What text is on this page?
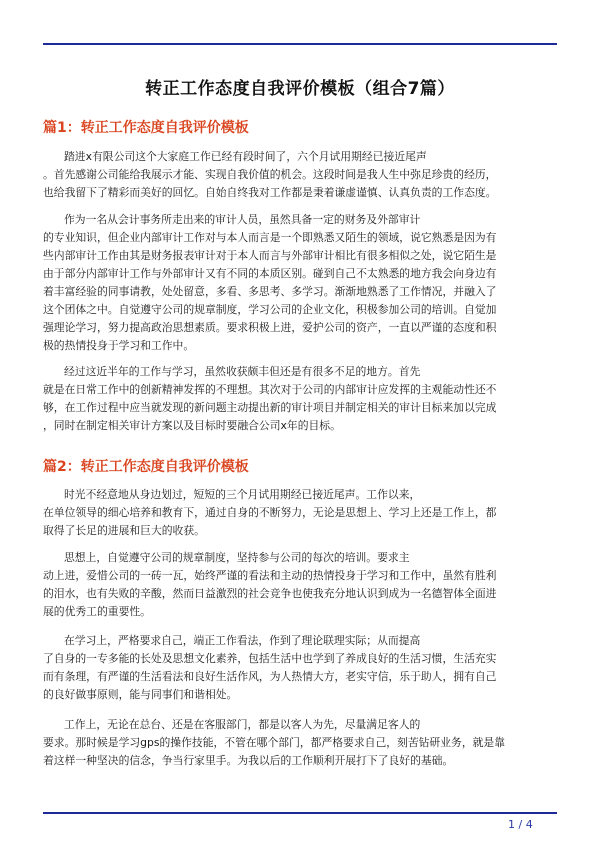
转正工作态度自我评价模板（组合7篇）
篇1：转正工作态度自我评价模板
踏进x有限公司这个大家庭工作已经有段时间了，六个月试用期经已接近尾声
。首先感谢公司能给我展示才能、实现自我价值的机会。这段时间是我人生中弥足珍贵的经历，
也给我留下了精彩而美好的回忆。自始自终我对工作都是秉着谦虚谨慎、认真负责的工作态度。
作为一名从会计事务所走出来的审计人员，虽然具备一定的财务及外部审计
的专业知识，但企业内部审计工作对与本人而言是一个即熟悉又陌生的领域，说它熟悉是因为有
些内部审计工作由其是财务报表审计对于本人而言与外部审计相比有很多相似之处，说它陌生是
由于部分内部审计工作与外部审计又有不同的本质区别。碰到自己不太熟悉的地方我会向身边有
着丰富经验的同事请教，处处留意，多看、多思考、多学习。渐渐地熟悉了工作情况，并融入了
这个团体之中。自觉遵守公司的规章制度，学习公司的企业文化，积极参加公司的培训。自觉加
强理论学习，努力提高政治思想素质。要求积极上进，爱护公司的资产，一直以严谨的态度和积
极的热情投身于学习和工作中。
经过这近半年的工作与学习，虽然收获颇丰但还是有很多不足的地方。首先
就是在日常工作中的创新精神发挥的不理想。其次对于公司的内部审计应发挥的主观能动性还不
够，在工作过程中应当就发现的新问题主动提出新的审计项目并制定相关的审计目标来加以完成
，同时在制定相关审计方案以及目标时要融合公司x年的目标。
篇2：转正工作态度自我评价模板
时光不经意地从身边划过，短短的三个月试用期经已接近尾声。工作以来，
在单位领导的细心培养和教育下，通过自身的不断努力，无论是思想上、学习上还是工作上，都
取得了长足的进展和巨大的收获。
思想上，自觉遵守公司的规章制度，坚持参与公司的每次的培训。要求主
动上进，爱惜公司的一砖一瓦，始终严谨的看法和主动的热情投身于学习和工作中，虽然有胜利
的泪水，也有失败的辛酸，然而日益激烈的社会竞争也使我充分地认识到成为一名德智体全面进
展的优秀工的重要性。
在学习上，严格要求自己，端正工作看法，作到了理论联理实际；从而提高
了自身的一专多能的长处及思想文化素养，包括生活中也学到了养成良好的生活习惯，生活充实
而有条理，有严谨的生活看法和良好生活作风，为人热情大方，老实守信，乐于助人，拥有自己
的良好做事原则，能与同事们和谐相处。
工作上，无论在总台、还是在客服部门，都是以客人为先，尽量满足客人的
要求。那时候是学习gps的操作技能，不管在哪个部门，都严格要求自己，刻苦钻研业务，就是靠
着这样一种坚决的信念，争当行家里手。为我以后的工作顺利开展打下了良好的基础。
1 / 4
